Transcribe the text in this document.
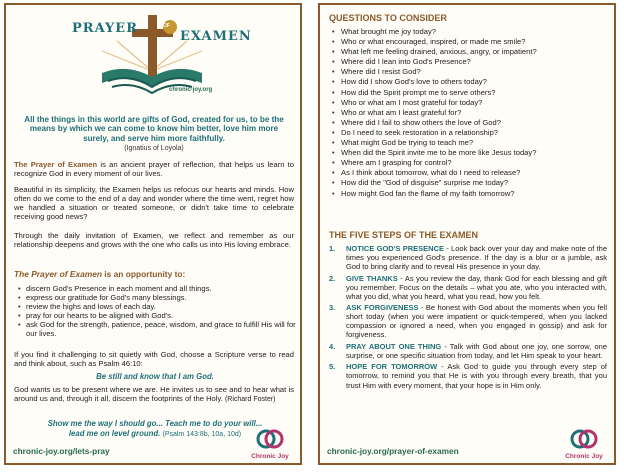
PRAYER	OF
EXAMEN
chronic-joy.org
All the things in this world are gifts of God, created for us, to be the means by which we can come to know him better, love him more surely, and serve him more faithfully.
(Ignatius of Loyola)
The Prayer of Examen is an ancient prayer of reflection, that helps us learn to recognize God in every moment of our lives.
Beautiful in its simplicity, the Examen helps us refocus our hearts and minds. How often do we come to the end of a day and wonder where the time went, regret how we handled a situation or treated someone, or didn't take time to celebrate receiving good news?
Through the daily invitation of Examen, we reflect and remember as our relationship deepens and grows with the one who calls us into His loving embrace.
The Prayer of Examen is an opportunity to:
• discern God's Presence in each moment and all things.
• express our gratitude for God's many blessings.
• review the highs and lows of each day.
• pray for our hearts to be aligned with God's.
• ask God for the strength, patience, peace, wisdom, and grace to fulfill His will for our lives.
If you find it challenging to sit quietly with God, choose a Scripture verse to read and think about, such as Psalm 46:10:
Be still and know that I am God.
God wants us to be present where we are. He invites us to see and to hear what is around us and, through it all, discern the footprints of the Holy. (Richard Foster)
Show me the way I should go... Teach me to do your will...
lead me on level ground. (Psalm 143:8b, 10a, 10d)
chronic-joy.org/lets-pray
Chronic Joy
QUESTIONS TO CONSIDER
• What brought me joy today?
• Who or what encouraged, inspired, or made me smile?
• What left me feeling drained, anxious, angry, or impatient?
• Where did I lean into God's Presence?
• Where did I resist God?
• How did I show God's love to others today?
• How did the Spirit prompt me to serve others?
• Who or what am I most grateful for today?
• Who or what am I least grateful for?
• Where did I fail to show others the love of God?
• Do I need to seek restoration in a relationship?
• What might God be trying to teach me?
• When did the Spirit invite me to be more like Jesus today?
• Where am I grasping for control?
• As I think about tomorrow, what do I need to release?
• How did the "God of disguise" surprise me today?
• How might God fan the flame of my faith tomorrow?
THE FIVE STEPS OF THE EXAMEN
1. NOTICE GOD'S PRESENCE - Look back over your day and make note of the times you experienced God's presence. If the day is a blur or a jumble, ask God to bring clarity and to reveal His presence in your day.
2. GIVE THANKS - As you review the day, thank God for each blessing and gift you remember. Focus on the details – what you ate, who you interacted with, what you did, what you heard, what you read, how you felt.
3. ASK FORGIVENESS - Be honest with God about the moments when you fell short today (when you were impatient or quick-tempered, when you lacked compassion or ignored a need, when you engaged in gossip) and ask for forgiveness.
4. PRAY ABOUT ONE THING - Talk with God about one joy, one sorrow, one surprise, or one specific situation from today, and let Him speak to your heart.
5. HOPE FOR TOMORROW - Ask God to guide you through every step of tomorrow, to remind you that He is with you through every breath, that you trust Him with every moment, that your hope is in Him only.
chronic-joy.org/prayer-of-examen
Chronic Joy
